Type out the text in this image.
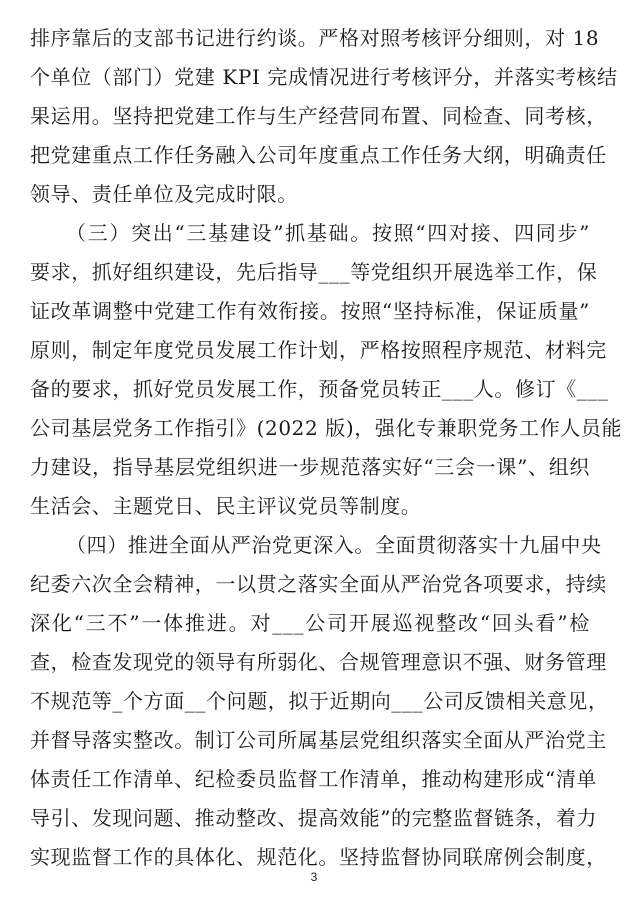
排序靠后的支部书记进行约谈。严格对照考核评分细则，对 18
个单位（部门）党建 KPI 完成情况进行考核评分，并落实考核结
果运用。坚持把党建工作与生产经营同布置、同检查、同考核，
把党建重点工作任务融入公司年度重点工作任务大纲，明确责任
领导、责任单位及完成时限。
（三）突出“三基建设”抓基础。按照“四对接、四同步”
要求，抓好组织建设，先后指导___等党组织开展选举工作，保
证改革调整中党建工作有效衔接。按照“坚持标准，保证质量”
原则，制定年度党员发展工作计划，严格按照程序规范、材料完
备的要求，抓好党员发展工作，预备党员转正___人。修订《___
公司基层党务工作指引》(2022 版)，强化专兼职党务工作人员能
力建设，指导基层党组织进一步规范落实好“三会一课”、组织
生活会、主题党日、民主评议党员等制度。
（四）推进全面从严治党更深入。全面贯彻落实十九届中央
纪委六次全会精神，一以贯之落实全面从严治党各项要求，持续
深化“三不”一体推进。对___公司开展巡视整改“回头看”检
查，检查发现党的领导有所弱化、合规管理意识不强、财务管理
不规范等_个方面__个问题，拟于近期向___公司反馈相关意见，
并督导落实整改。制订公司所属基层党组织落实全面从严治党主
体责任工作清单、纪检委员监督工作清单，推动构建形成“清单
导引、发现问题、推动整改、提高效能”的完整监督链条，着力
实现监督工作的具体化、规范化。坚持监督协同联席例会制度，
3
